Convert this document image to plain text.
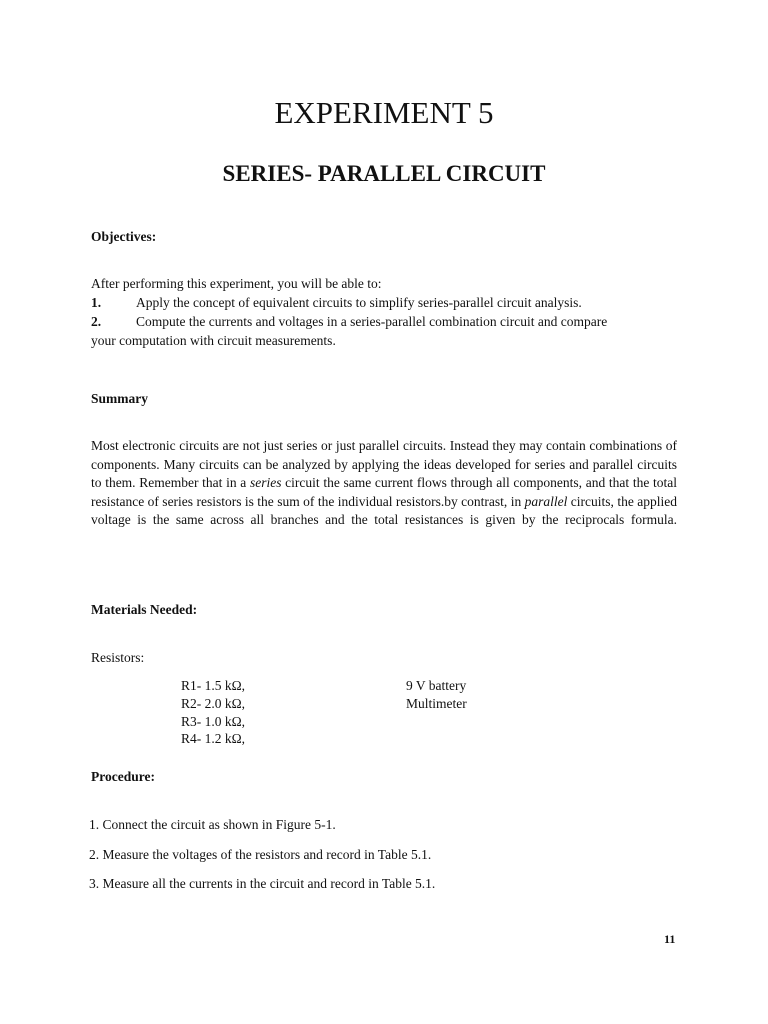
EXPERIMENT 5
SERIES- PARALLEL CIRCUIT
Objectives:
After performing this experiment, you will be able to:
1.	Apply the concept of equivalent circuits to simplify series-parallel circuit analysis.
2.	Compute the currents and voltages in a series-parallel combination circuit and compare
your computation with circuit measurements.
Summary

Most electronic circuits are not just series or just parallel circuits. Instead they may contain combinations of components. Many circuits can be analyzed by applying the ideas developed for series and parallel circuits to them. Remember that in a series circuit the same current flows through all components, and that the total resistance of series resistors is the sum of the individual resistors.by contrast, in parallel circuits, the applied voltage is the same across all branches and the total resistances is given by the reciprocals formula.

Materials Needed:
Resistors:
R1- 1.5 kΩ,
R2- 2.0 kΩ,
R3- 1.0 kΩ,
R4- 1.2 kΩ,
9 V battery
Multimeter
Procedure:
1. Connect the circuit as shown in Figure 5-1.
2. Measure the voltages of the resistors and record in Table 5.1.
3. Measure all the currents in the circuit and record in Table 5.1.
11
